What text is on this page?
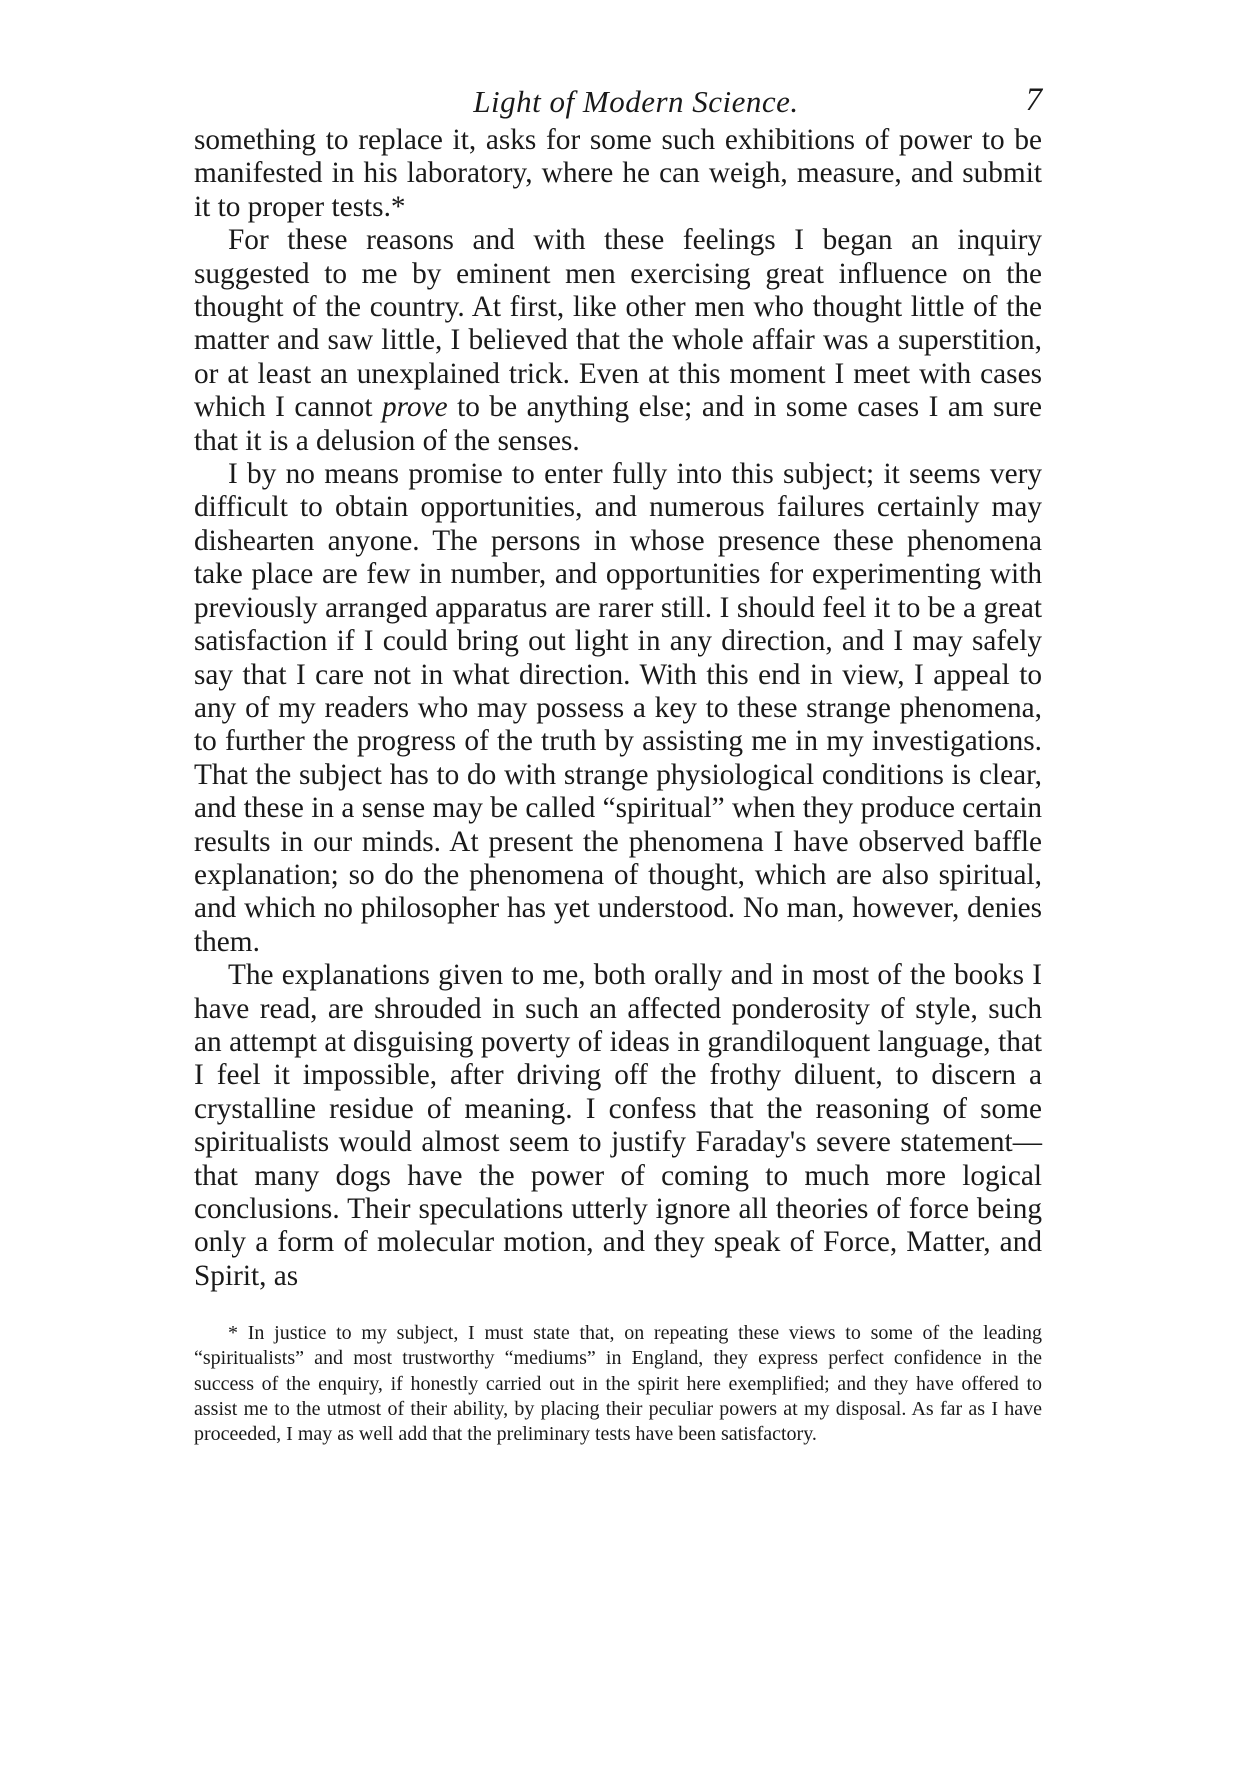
Light of Modern Science.	7

something to replace it, asks for some such exhibitions of power to be manifested in his laboratory, where he can weigh, measure, and submit it to proper tests.*

For these reasons and with these feelings I began an inquiry suggested to me by eminent men exercising great influence on the thought of the country. At first, like other men who thought little of the matter and saw little, I believed that the whole affair was a superstition, or at least an unexplained trick. Even at this moment I meet with cases which I cannot prove to be anything else; and in some cases I am sure that it is a delusion of the senses.

I by no means promise to enter fully into this subject; it seems very difficult to obtain opportunities, and numerous failures certainly may dishearten anyone. The persons in whose presence these phenomena take place are few in number, and opportunities for experimenting with previously arranged apparatus are rarer still. I should feel it to be a great satisfaction if I could bring out light in any direction, and I may safely say that I care not in what direction. With this end in view, I appeal to any of my readers who may possess a key to these strange phenomena, to further the progress of the truth by assisting me in my investigations. That the subject has to do with strange physiological conditions is clear, and these in a sense may be called “spiritual” when they produce certain results in our minds. At present the phenomena I have observed baffle explanation; so do the phenomena of thought, which are also spiritual, and which no philosopher has yet understood. No man, however, denies them.

The explanations given to me, both orally and in most of the books I have read, are shrouded in such an affected ponderosity of style, such an attempt at disguising poverty of ideas in grandiloquent language, that I feel it impossible, after driving off the frothy diluent, to discern a crystalline residue of meaning. I confess that the reasoning of some spiritualists would almost seem to justify Faraday's severe statement—that many dogs have the power of coming to much more logical conclusions. Their speculations utterly ignore all theories of force being only a form of molecular motion, and they speak of Force, Matter, and Spirit, as

* In justice to my subject, I must state that, on repeating these views to some of the leading “spiritualists” and most trustworthy “mediums” in England, they express perfect confidence in the success of the enquiry, if honestly carried out in the spirit here exemplified; and they have offered to assist me to the utmost of their ability, by placing their peculiar powers at my disposal. As far as I have proceeded, I may as well add that the preliminary tests have been satisfactory.
